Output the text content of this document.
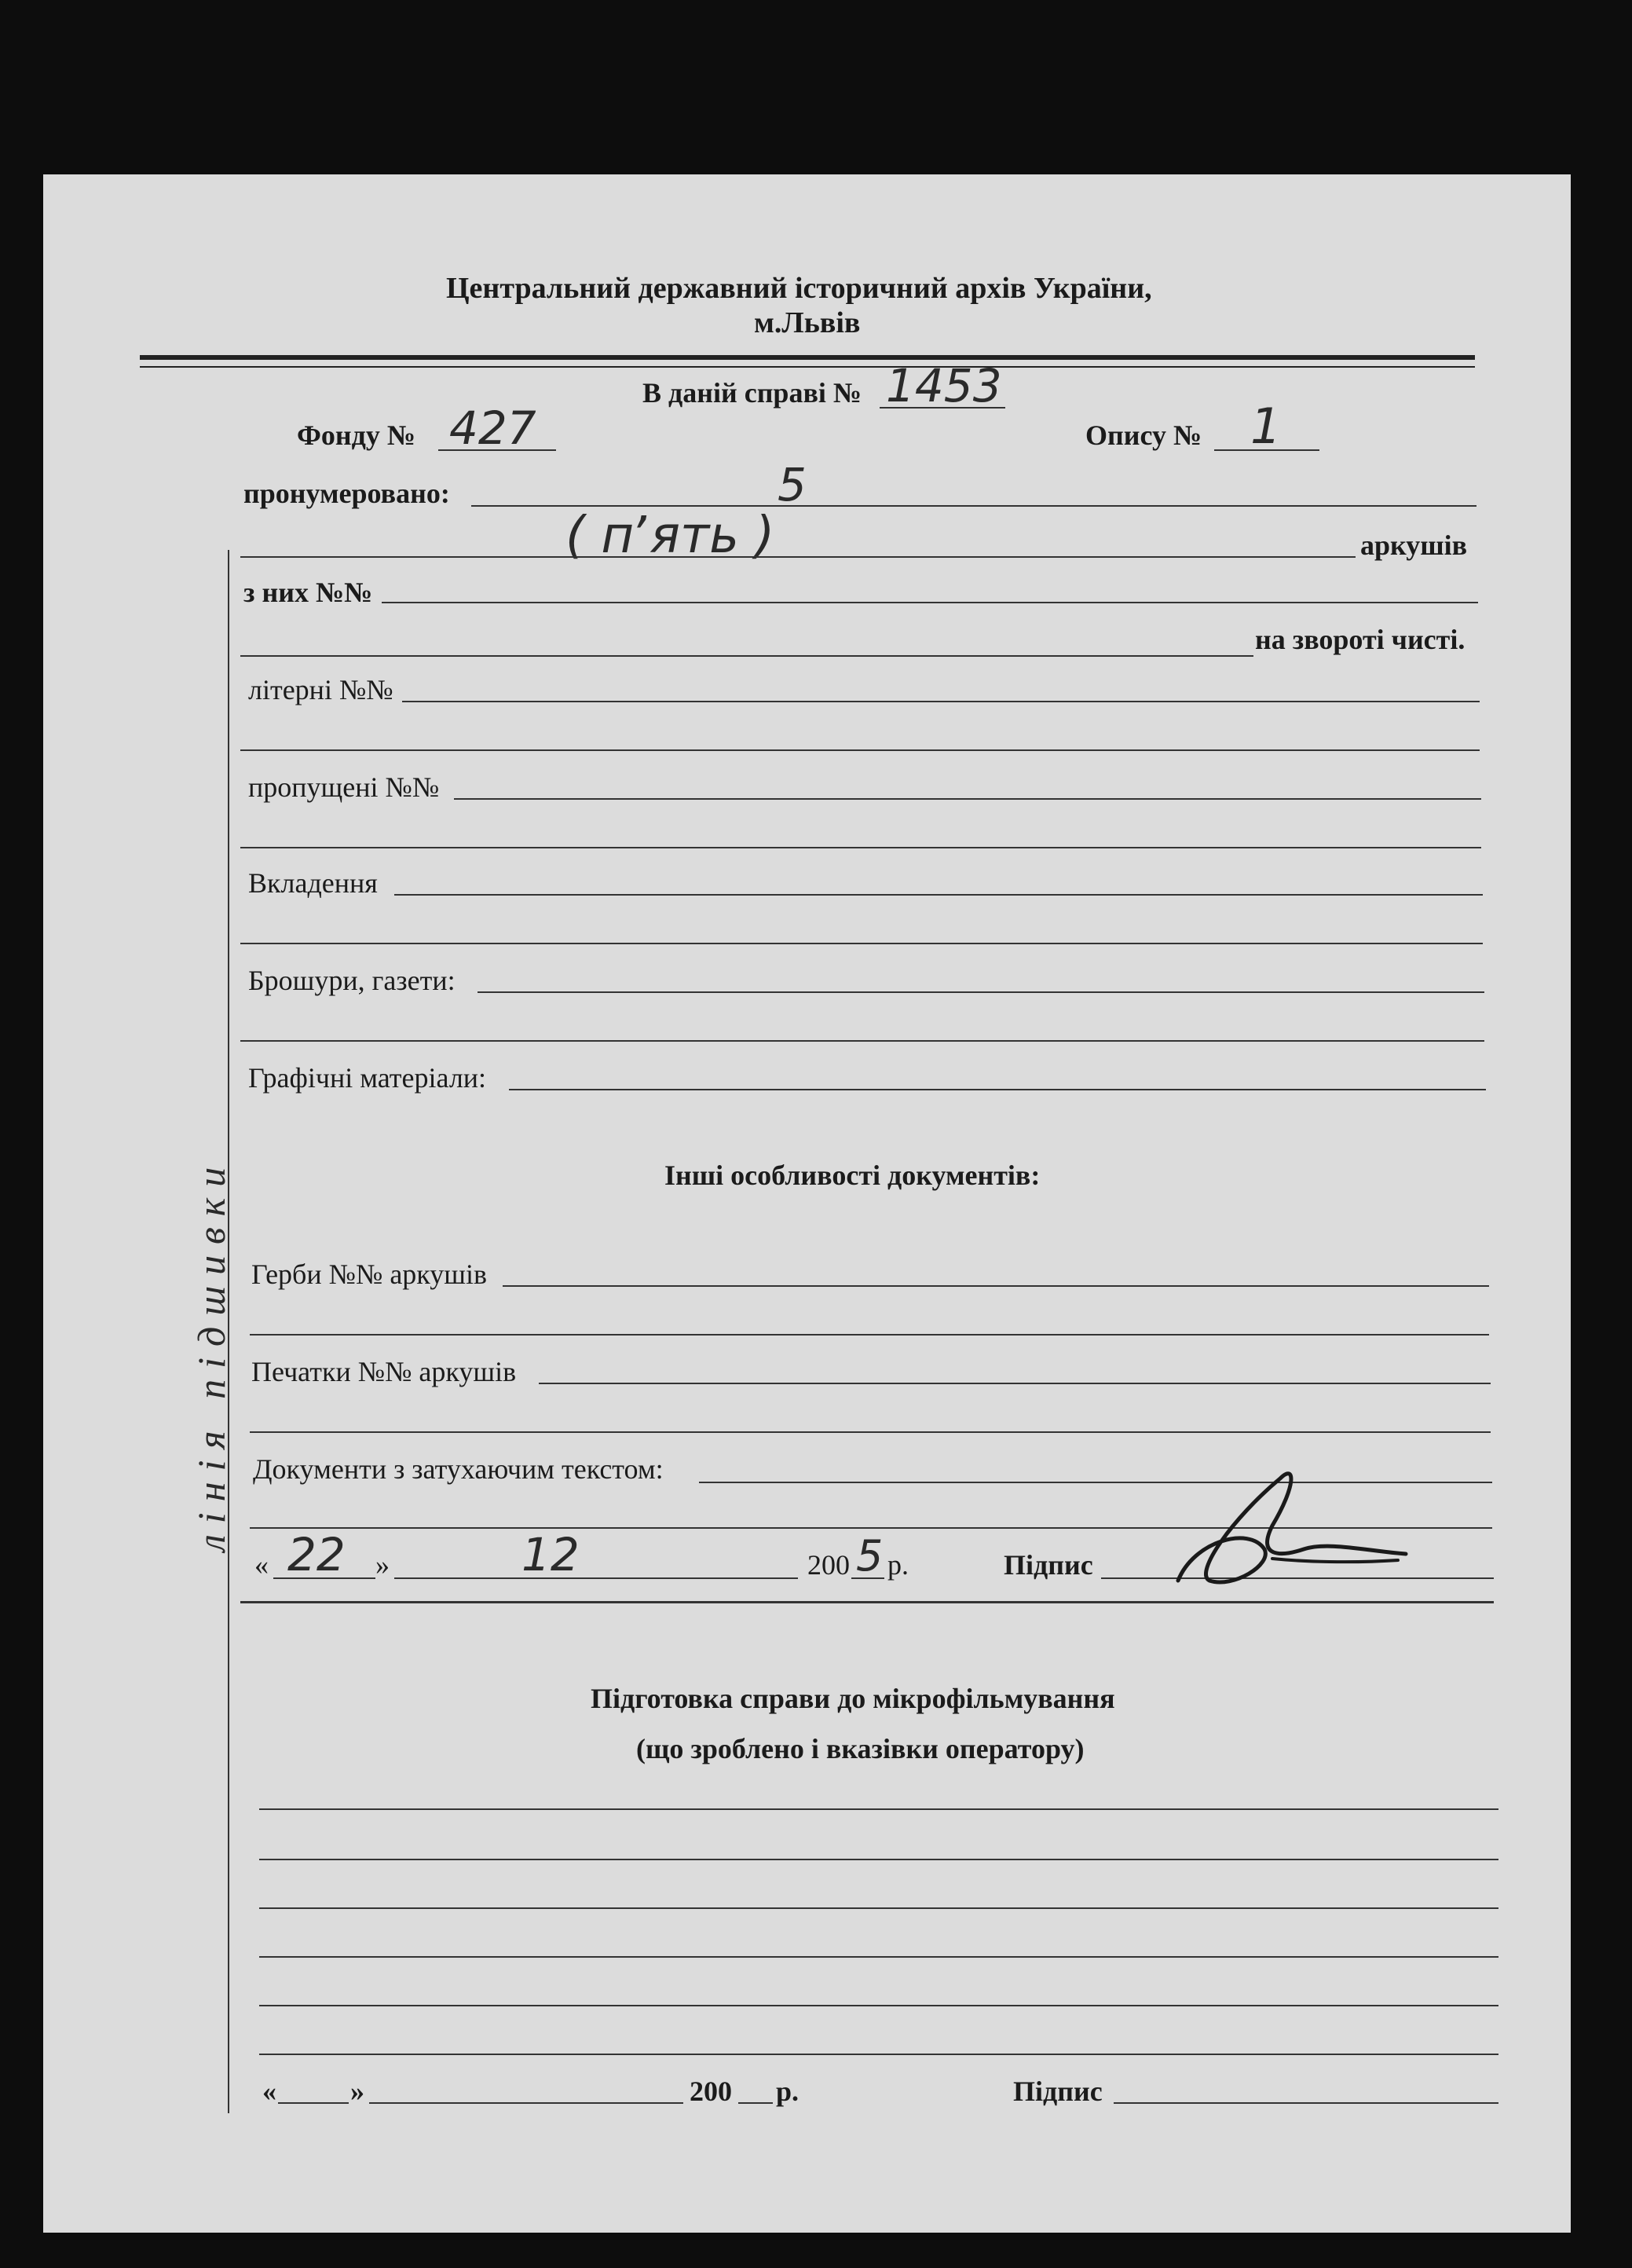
Центральний державний історичний архів України,
м.Львів
В даній справі № 1453
Фонду № 427	Опису № 1
пронумеровано:	5
( пʼять )	аркушів
з них №№
на звороті чисті.
літерні №№
пропущені №№
Вкладення
Брошури, газети:
Графічні матеріали:
Інші особливості документів:
Герби №№ аркушів
Печатки №№ аркушів
Документи з затухаючим текстом:
« 22 »	12	200 5 р.	Підпис
Підготовка справи до мікрофільмування
(що зроблено і вказівки оператору)
«	»	200 р.	Підпис
лінія підшивки
